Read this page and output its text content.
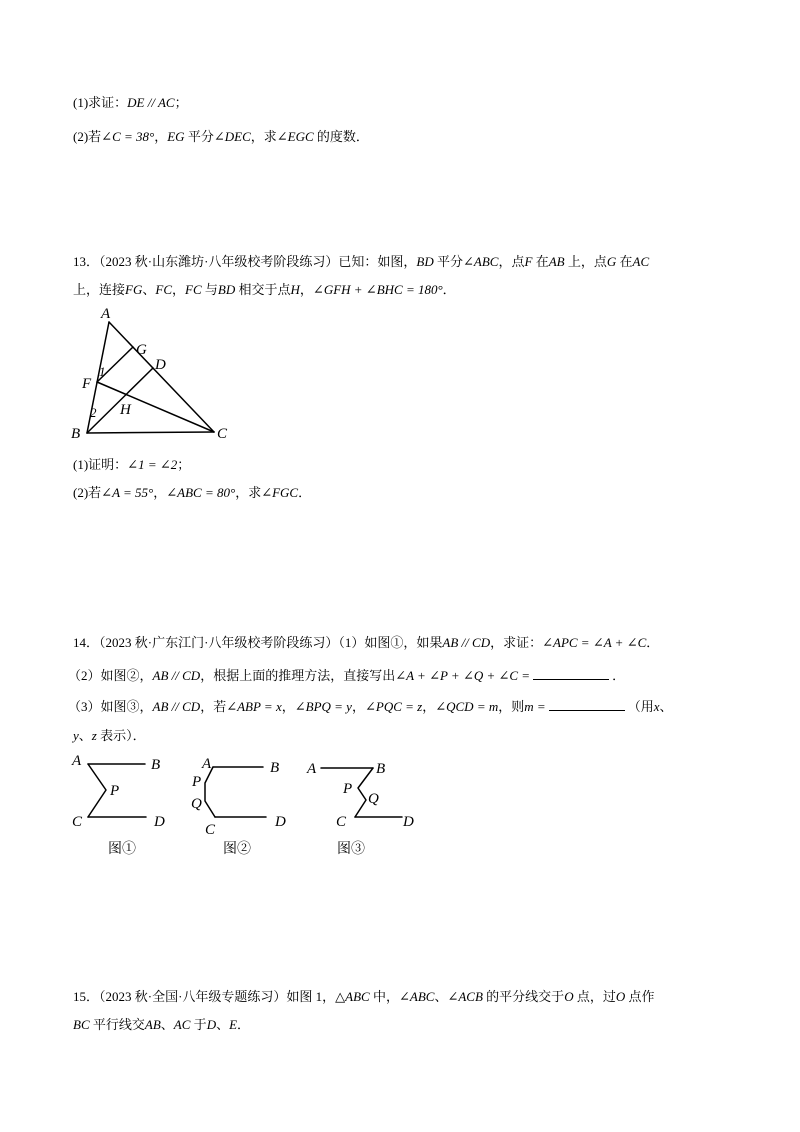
(1)求证：DE // AC；
(2)若∠C = 38°，EG 平分∠DEC，求∠EGC 的度数．
13．（2023 秋·山东潍坊·八年级校考阶段练习）已知：如图，BD 平分∠ABC，点F 在AB 上，点G 在AC
上，连接FG、FC，FC 与BD 相交于点H，∠GFH + ∠BHC = 180°．
(1)证明：∠1 = ∠2；
(2)若∠A = 55°，∠ABC = 80°，求∠FGC．
14．（2023 秋·广东江门·八年级校考阶段练习）（1）如图①，如果AB // CD，求证：∠APC = ∠A + ∠C．
（2）如图②，AB // CD，根据上面的推理方法，直接写出∠A + ∠P + ∠Q + ∠C =	．
（3）如图③，AB // CD，若∠ABP = x，∠BPQ = y，∠PQC = z，∠QCD = m，则m =	（用x、
y、z 表示）．
15．（2023 秋·全国·八年级专题练习）如图 1，△ABC 中，∠ABC、∠ACB 的平分线交于O 点，过O 点作
BC 平行线交AB、AC 于D、E．
A
G
D
F
1
2 H
B	C
A	B
P
C	D
图①
A	B
P
Q
C	D
图②
A	B
P
Q
C	D
图③
